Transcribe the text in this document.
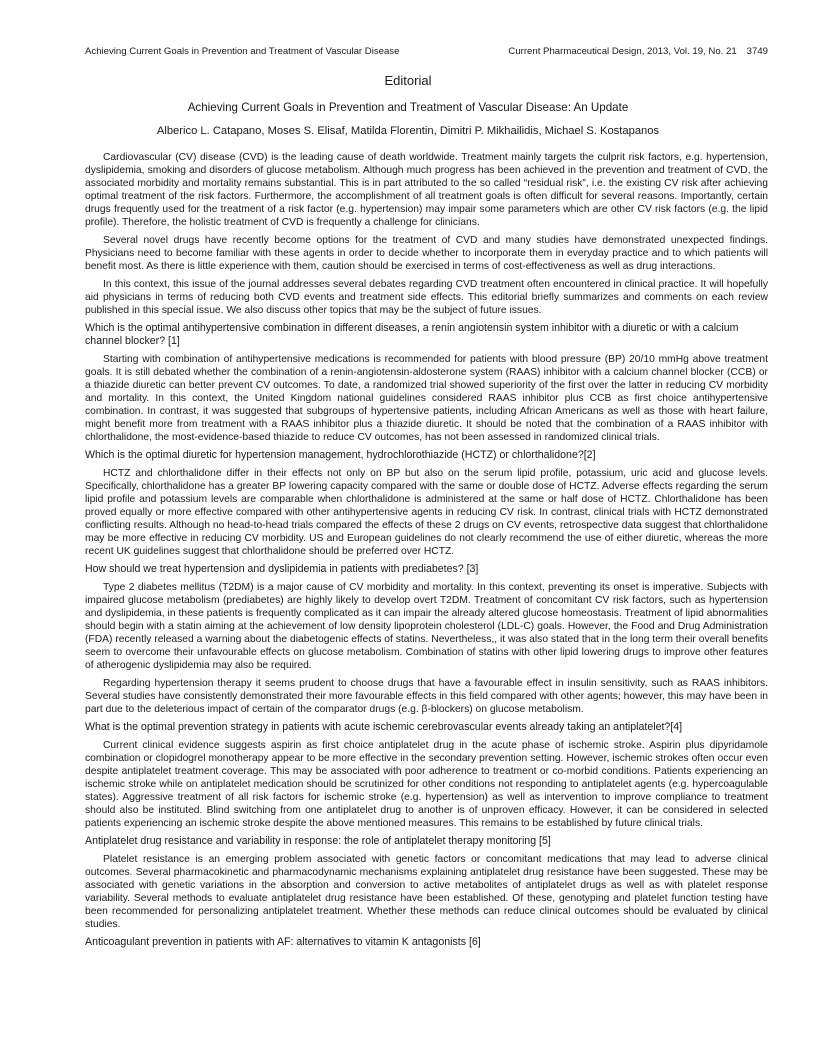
Achieving Current Goals in Prevention and Treatment of Vascular Disease	Current Pharmaceutical Design, 2013, Vol. 19, No. 21 3749
Editorial
Achieving Current Goals in Prevention and Treatment of Vascular Disease: An Update
Alberico L. Catapano, Moses S. Elisaf, Matilda Florentin, Dimitri P. Mikhailidis, Michael S. Kostapanos

Cardiovascular (CV) disease (CVD) is the leading cause of death worldwide. Treatment mainly targets the culprit risk factors, e.g. hypertension, dyslipidemia, smoking and disorders of glucose metabolism. Although much progress has been achieved in the prevention and treatment of CVD, the associated morbidity and mortality remains substantial. This is in part attributed to the so called “residual risk”, i.e. the existing CV risk after achieving optimal treatment of the risk factors. Furthermore, the accomplishment of all treatment goals is often difficult for several reasons. Importantly, certain drugs frequently used for the treatment of a risk factor (e.g. hypertension) may impair some parameters which are other CV risk factors (e.g. the lipid profile). Therefore, the holistic treatment of CVD is frequently a challenge for clinicians.

Several novel drugs have recently become options for the treatment of CVD and many studies have demonstrated unexpected findings. Physicians need to become familiar with these agents in order to decide whether to incorporate them in everyday practice and to which patients will benefit most. As there is little experience with them, caution should be exercised in terms of cost-effectiveness as well as drug interactions.

In this context, this issue of the journal addresses several debates regarding CVD treatment often encountered in clinical practice. It will hopefully aid physicians in terms of reducing both CVD events and treatment side effects. This editorial briefly summarizes and comments on each review published in this special issue. We also discuss other topics that may be the subject of future issues.

Which is the optimal antihypertensive combination in different diseases, a renin angiotensin system inhibitor with a diuretic or with a calcium channel blocker? [1]

Starting with combination of antihypertensive medications is recommended for patients with blood pressure (BP) 20/10 mmHg above treatment goals. It is still debated whether the combination of a renin-angiotensin-aldosterone system (RAAS) inhibitor with a calcium channel blocker (CCB) or a thiazide diuretic can better prevent CV outcomes. To date, a randomized trial showed superiority of the first over the latter in reducing CV morbidity and mortality. In this context, the United Kingdom national guidelines considered RAAS inhibitor plus CCB as first choice antihypertensive combination. In contrast, it was suggested that subgroups of hypertensive patients, including African Americans as well as those with heart failure, might benefit more from treatment with a RAAS inhibitor plus a thiazide diuretic. It should be noted that the combination of a RAAS inhibitor with chlorthalidone, the most-evidence-based thiazide to reduce CV outcomes, has not been assessed in randomized clinical trials.

Which is the optimal diuretic for hypertension management, hydrochlorothiazide (HCTZ) or chlorthalidone?[2]

HCTZ and chlorthalidone differ in their effects not only on BP but also on the serum lipid profile, potassium, uric acid and glucose levels. Specifically, chlorthalidone has a greater BP lowering capacity compared with the same or double dose of HCTZ. Adverse effects regarding the serum lipid profile and potassium levels are comparable when chlorthalidone is administered at the same or half dose of HCTZ. Chlorthalidone has been proved equally or more effective compared with other antihypertensive agents in reducing CV risk. In contrast, clinical trials with HCTZ demonstrated conflicting results. Although no head-to-head trials compared the effects of these 2 drugs on CV events, retrospective data suggest that chlorthalidone may be more effective in reducing CV morbidity. US and European guidelines do not clearly recommend the use of either diuretic, whereas the more recent UK guidelines suggest that chlorthalidone should be preferred over HCTZ.

How should we treat hypertension and dyslipidemia in patients with prediabetes? [3]

Type 2 diabetes mellitus (T2DM) is a major cause of CV morbidity and mortality. In this context, preventing its onset is imperative. Subjects with impaired glucose metabolism (prediabetes) are highly likely to develop overt T2DM. Treatment of concomitant CV risk factors, such as hypertension and dyslipidemia, in these patients is frequently complicated as it can impair the already altered glucose homeostasis. Treatment of lipid abnormalities should begin with a statin aiming at the achievement of low density lipoprotein cholesterol (LDL-C) goals. However, the Food and Drug Administration (FDA) recently released a warning about the diabetogenic effects of statins. Nevertheless,, it was also stated that in the long term their overall benefits seem to overcome their unfavourable effects on glucose metabolism. Combination of statins with other lipid lowering drugs to improve other features of atherogenic dyslipidemia may also be required.

Regarding hypertension therapy it seems prudent to choose drugs that have a favourable effect in insulin sensitivity, such as RAAS inhibitors. Several studies have consistently demonstrated their more favourable effects in this field compared with other agents; however, this may have been in part due to the deleterious impact of certain of the comparator drugs (e.g. β-blockers) on glucose metabolism.

What is the optimal prevention strategy in patients with acute ischemic cerebrovascular events already taking an antiplatelet?[4]

Current clinical evidence suggests aspirin as first choice antiplatelet drug in the acute phase of ischemic stroke. Aspirin plus dipyridamole combination or clopidogrel monotherapy appear to be more effective in the secondary prevention setting. However, ischemic strokes often occur even despite antiplatelet treatment coverage. This may be associated with poor adherence to treatment or co-morbid conditions. Patients experiencing an ischemic stroke while on antiplatelet medication should be scrutinized for other conditions not responding to antiplatelet agents (e.g. hypercoagulable states). Aggressive treatment of all risk factors for ischemic stroke (e.g. hypertension) as well as intervention to improve compliance to treatment should also be instituted. Blind switching from one antiplatelet drug to another is of unproven efficacy. However, it can be considered in selected patients experiencing an ischemic stroke despite the above mentioned measures. This remains to be established by future clinical trials.

Antiplatelet drug resistance and variability in response: the role of antiplatelet therapy monitoring [5]

Platelet resistance is an emerging problem associated with genetic factors or concomitant medications that may lead to adverse clinical outcomes. Several pharmacokinetic and pharmacodynamic mechanisms explaining antiplatelet drug resistance have been suggested. These may be associated with genetic variations in the absorption and conversion to active metabolites of antiplatelet drugs as well as with platelet response variability. Several methods to evaluate antiplatelet drug resistance have been established. Of these, genotyping and platelet function testing have been recommended for personalizing antiplatelet treatment. Whether these methods can reduce clinical outcomes should be evaluated by clinical studies.

Anticoagulant prevention in patients with AF: alternatives to vitamin K antagonists [6]
